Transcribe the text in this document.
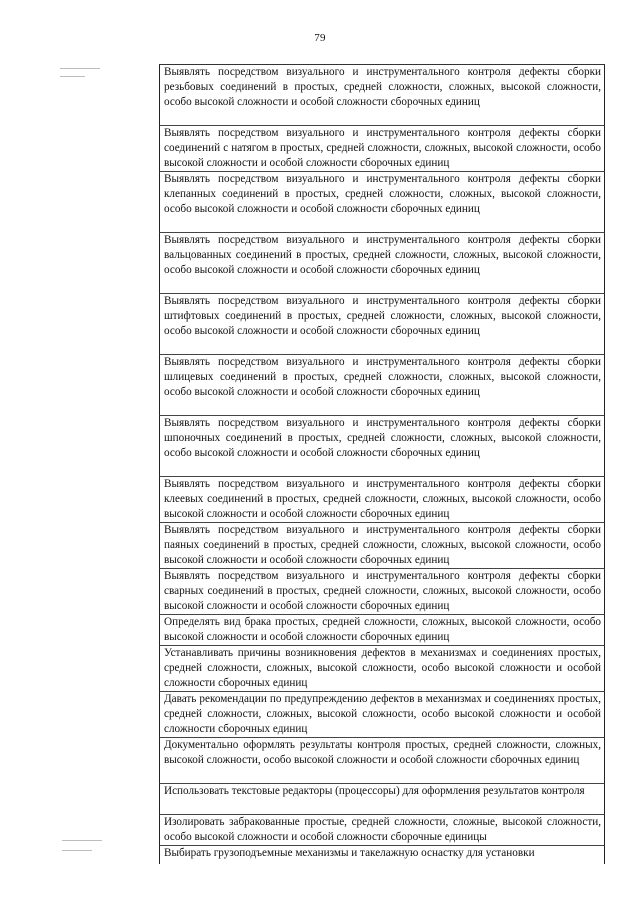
79
Выявлять посредством визуального и инструментального контроля дефекты сборки резьбовых соединений в простых, средней сложности, сложных, высокой сложности, особо высокой сложности и особой сложности сборочных единиц
Выявлять посредством визуального и инструментального контроля дефекты сборки соединений с натягом в простых, средней сложности, сложных, высокой сложности, особо высокой сложности и особой сложности сборочных единиц
Выявлять посредством визуального и инструментального контроля дефекты сборки клепанных соединений в простых, средней сложности, сложных, высокой сложности, особо высокой сложности и особой сложности сборочных единиц
Выявлять посредством визуального и инструментального контроля дефекты сборки вальцованных соединений в простых, средней сложности, сложных, высокой сложности, особо высокой сложности и особой сложности сборочных единиц
Выявлять посредством визуального и инструментального контроля дефекты сборки штифтовых соединений в простых, средней сложности, сложных, высокой сложности, особо высокой сложности и особой сложности сборочных единиц
Выявлять посредством визуального и инструментального контроля дефекты сборки шлицевых соединений в простых, средней сложности, сложных, высокой сложности, особо высокой сложности и особой сложности сборочных единиц
Выявлять посредством визуального и инструментального контроля дефекты сборки шпоночных соединений в простых, средней сложности, сложных, высокой сложности, особо высокой сложности и особой сложности сборочных единиц
Выявлять посредством визуального и инструментального контроля дефекты сборки клеевых соединений в простых, средней сложности, сложных, высокой сложности, особо высокой сложности и особой сложности сборочных единиц
Выявлять посредством визуального и инструментального контроля дефекты сборки паяных соединений в простых, средней сложности, сложных, высокой сложности, особо высокой сложности и особой сложности сборочных единиц
Выявлять посредством визуального и инструментального контроля дефекты сборки сварных соединений в простых, средней сложности, сложных, высокой сложности, особо высокой сложности и особой сложности сборочных единиц
Определять вид брака простых, средней сложности, сложных, высокой сложности, особо высокой сложности и особой сложности сборочных единиц
Устанавливать причины возникновения дефектов в механизмах и соединениях простых, средней сложности, сложных, высокой сложности, особо высокой сложности и особой сложности сборочных единиц
Давать рекомендации по предупреждению дефектов в механизмах и соединениях простых, средней сложности, сложных, высокой сложности, особо высокой сложности и особой сложности сборочных единиц
Документально оформлять результаты контроля простых, средней сложности, сложных, высокой сложности, особо высокой сложности и особой сложности сборочных единиц
Использовать текстовые редакторы (процессоры) для оформления результатов контроля
Изолировать забракованные простые, средней сложности, сложные, высокой сложности, особо высокой сложности и особой сложности сборочные единицы
Выбирать грузоподъемные механизмы и такелажную оснастку для установки
